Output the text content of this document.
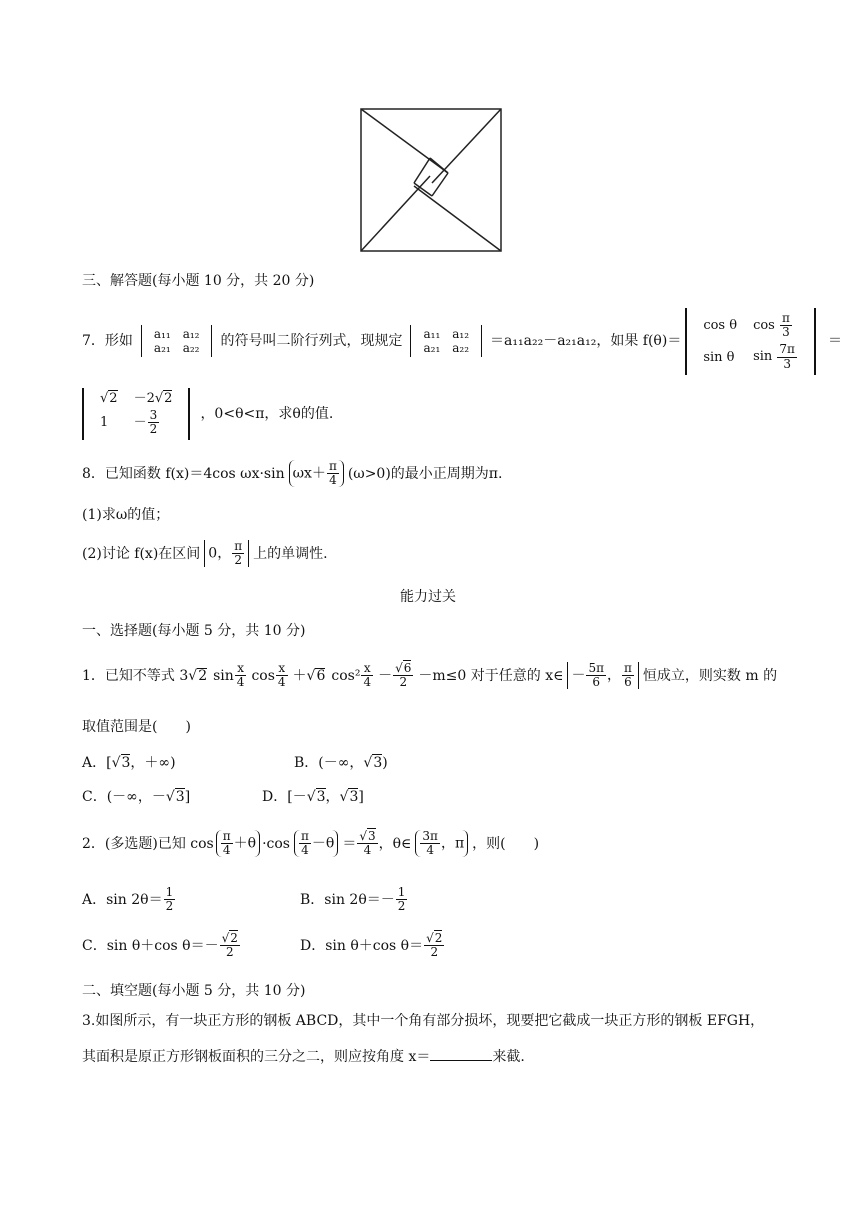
三、解答题(每小题 10 分，共 20 分)
7．形如 a₁₁	a₁₂
a₂₁	a₂₂ 的符号叫二阶行列式，现规定 a₁₁	a₁₂
a₂₁	a₂₂ ＝a₁₁a₂₂－a₂₁a₁₂，如果 f(θ)＝
cos θ	$\cos \frac{\pi}{3}$

sin θ	$\sin \frac{7\pi}{3}$
＝
√2	－2√2
1	－ $\frac{3}{2}$	，0<θ<π，求θ的值.
8．已知函数 f(x)＝4cos ωx·sin $\omega x+ \frac{\pi}{4} (\omega>0)$的最小正周期为π.
(1)求ω的值；
(2)讨论 f(x)在区间 0， $\frac{\pi}{2}$ 上的单调性.
能力过关
一、选择题(每小题 5 分，共 10 分)
1．已知不等式 3 √ 2 $\sin \frac{x}{4}$ $\cos \frac{x}{4}$ ＋ √ 6 $\cos^2 \frac{x}{4} - \frac{√6}{2} -m\le 0$ 对于任意的 x∈ － $\frac{5\pi}{6}$ ， $\frac{\pi}{6}$ 恒成立，则实数 m 的
取值范围是(　　)
A．[√3，＋∞)	B．(－∞，√3)
C．(－∞，－√3]	D．[－√3，√3]
2．(多选题)已知 $\cos \frac{\pi}{4} +\theta \cdot\cos \frac{\pi}{4} -\theta = \frac{√3}{4}$ ，θ∈ $\frac{3\pi}{4}$ ，π ，则(　　)
A．$\sin 2\theta= \frac{1}{2}$	B．$\sin 2\theta=- \frac{1}{2}$
C．sin θ＋cos $\theta=- \frac{√2}{2}$	D．sin θ＋cos $\theta= \frac{√2}{2}$
二、填空题(每小题 5 分，共 10 分)
3.如图所示，有一块正方形的钢板 ABCD，其中一个角有部分损坏，现要把它截成一块正方形的钢板 EFGH，
其面积是原正方形钢板面积的三分之二，则应按角度 x＝	来截.
